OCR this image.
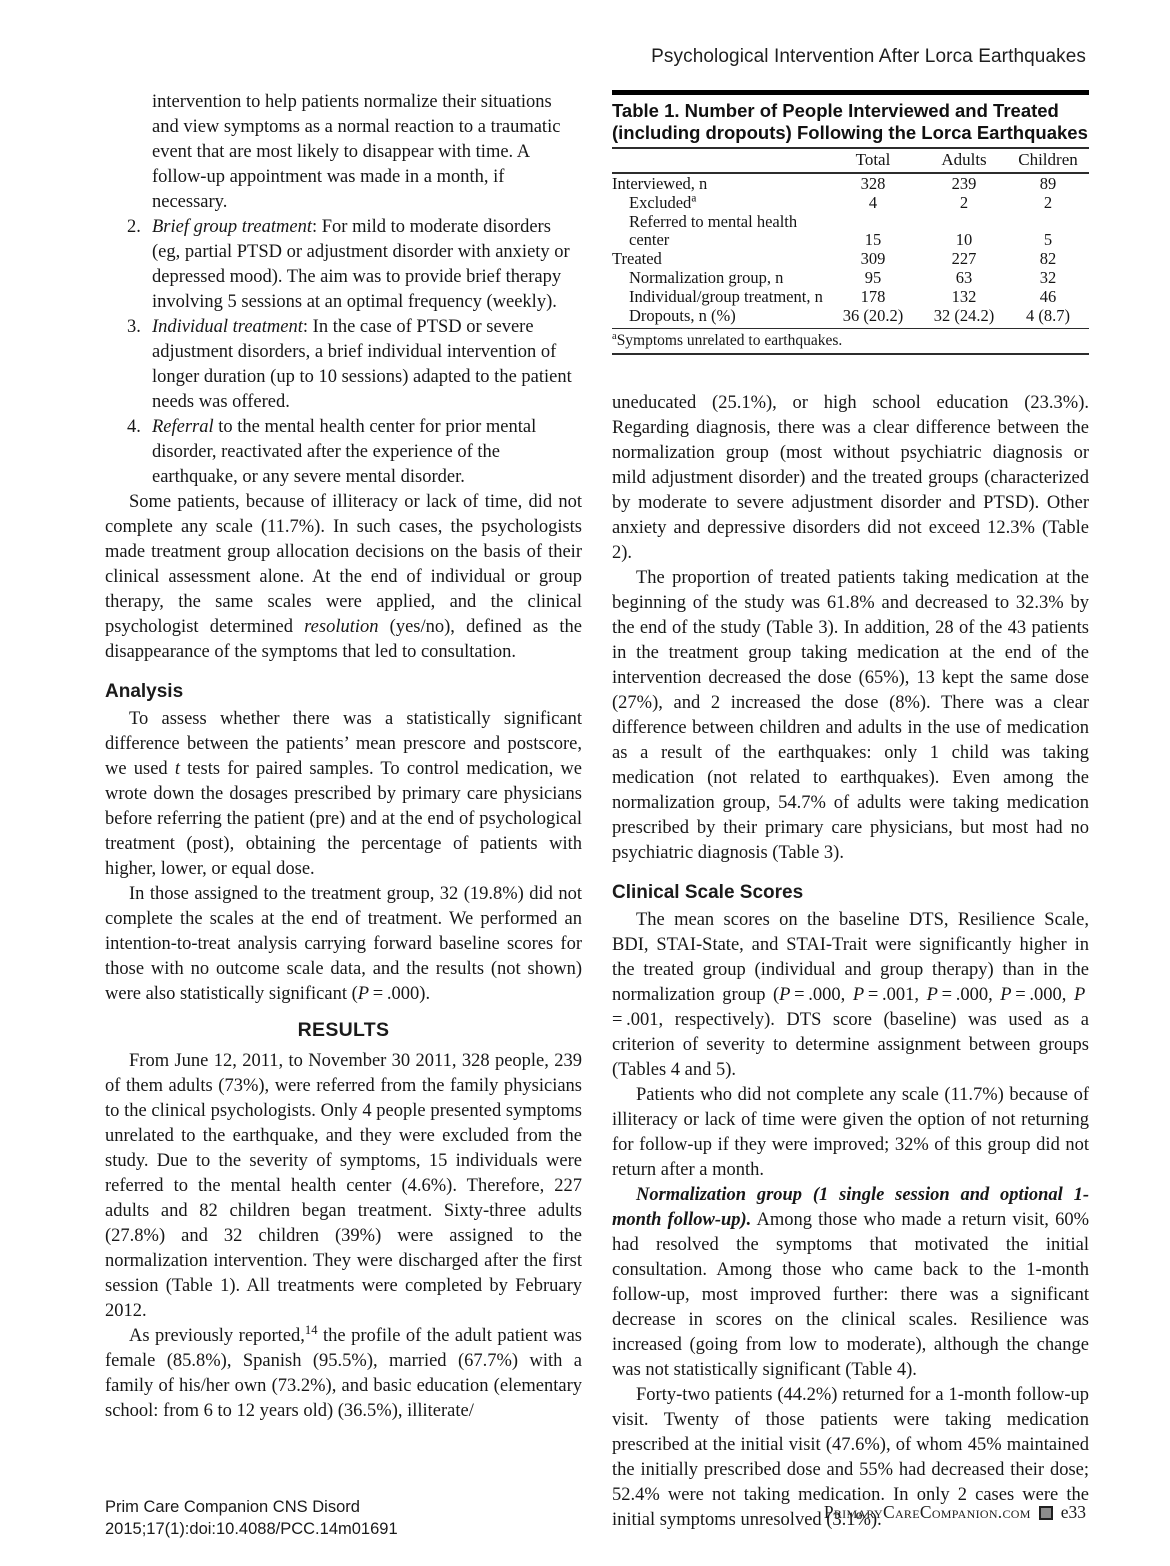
Psychological Intervention After Lorca Earthquakes
intervention to help patients normalize their situations and view symptoms as a normal reaction to a traumatic event that are most likely to disappear with time. A follow-up appointment was made in a month, if necessary.
2. Brief group treatment: For mild to moderate disorders (eg, partial PTSD or adjustment disorder with anxiety or depressed mood). The aim was to provide brief therapy involving 5 sessions at an optimal frequency (weekly).
3. Individual treatment: In the case of PTSD or severe adjustment disorders, a brief individual intervention of longer duration (up to 10 sessions) adapted to the patient needs was offered.
4. Referral to the mental health center for prior mental disorder, reactivated after the experience of the earthquake, or any severe mental disorder.

Some patients, because of illiteracy or lack of time, did not complete any scale (11.7%). In such cases, the psychologists made treatment group allocation decisions on the basis of their clinical assessment alone. At the end of individual or group therapy, the same scales were applied, and the clinical psychologist determined resolution (yes/no), defined as the disappearance of the symptoms that led to consultation.

Analysis

To assess whether there was a statistically significant difference between the patients’ mean prescore and postscore, we used t tests for paired samples. To control medication, we wrote down the dosages prescribed by primary care physicians before referring the patient (pre) and at the end of psychological treatment (post), obtaining the percentage of patients with higher, lower, or equal dose.

In those assigned to the treatment group, 32 (19.8%) did not complete the scales at the end of treatment. We performed an intention-to-treat analysis carrying forward baseline scores for those with no outcome scale data, and the results (not shown) were also statistically significant (P = .000).

RESULTS

From June 12, 2011, to November 30 2011, 328 people, 239 of them adults (73%), were referred from the family physicians to the clinical psychologists. Only 4 people presented symptoms unrelated to the earthquake, and they were excluded from the study. Due to the severity of symptoms, 15 individuals were referred to the mental health center (4.6%). Therefore, 227 adults and 82 children began treatment. Sixty-three adults (27.8%) and 32 children (39%) were assigned to the normalization intervention. They were discharged after the first session (Table 1). All treatments were completed by February 2012.

As previously reported,$^{14}$ the profile of the adult patient was female (85.8%), Spanish (95.5%), married (67.7%) with a family of his/her own (73.2%), and basic education (elementary school: from 6 to 12 years old) (36.5%), illiterate/

Table 1. Number of People Interviewed and Treated (including dropouts) Following the Lorca Earthquakes
	Total	Adults	Children
Interviewed, n	328	239	89
Excluded$^a$	4	2	2
Referred to mental health center	15	10	5
Treated	309	227	82
Normalization group, n	95	63	32
Individual/group treatment, n	178	132	46
Dropouts, n (%)	36 (20.2)	32 (24.2)	4 (8.7)
$^a$Symptoms unrelated to earthquakes.

uneducated (25.1%), or high school education (23.3%). Regarding diagnosis, there was a clear difference between the normalization group (most without psychiatric diagnosis or mild adjustment disorder) and the treated groups (characterized by moderate to severe adjustment disorder and PTSD). Other anxiety and depressive disorders did not exceed 12.3% (Table 2).

The proportion of treated patients taking medication at the beginning of the study was 61.8% and decreased to 32.3% by the end of the study (Table 3). In addition, 28 of the 43 patients in the treatment group taking medication at the end of the intervention decreased the dose (65%), 13 kept the same dose (27%), and 2 increased the dose (8%). There was a clear difference between children and adults in the use of medication as a result of the earthquakes: only 1 child was taking medication (not related to earthquakes). Even among the normalization group, 54.7% of adults were taking medication prescribed by their primary care physicians, but most had no psychiatric diagnosis (Table 3).

Clinical Scale Scores

The mean scores on the baseline DTS, Resilience Scale, BDI, STAI-State, and STAI-Trait were significantly higher in the treated group (individual and group therapy) than in the normalization group (P = .000, P = .001, P = .000, P = .000, P = .001, respectively). DTS score (baseline) was used as a criterion of severity to determine assignment between groups (Tables 4 and 5).

Patients who did not complete any scale (11.7%) because of illiteracy or lack of time were given the option of not returning for follow-up if they were improved; 32% of this group did not return after a month.

Normalization group (1 single session and optional 1-month follow-up). Among those who made a return visit, 60% had resolved the symptoms that motivated the initial consultation. Among those who came back to the 1-month follow-up, most improved further: there was a significant decrease in scores on the clinical scales. Resilience was increased (going from low to moderate), although the change was not statistically significant (Table 4).

Forty-two patients (44.2%) returned for a 1-month follow-up visit. Twenty of those patients were taking medication prescribed at the initial visit (47.6%), of whom 45% maintained the initially prescribed dose and 55% had decreased their dose; 52.4% were not taking medication. In only 2 cases were the initial symptoms unresolved (3.1%).

Prim Care Companion CNS Disord
2015;17(1):doi:10.4088/PCC.14m01691
PrimaryCareCompanion.com e33
